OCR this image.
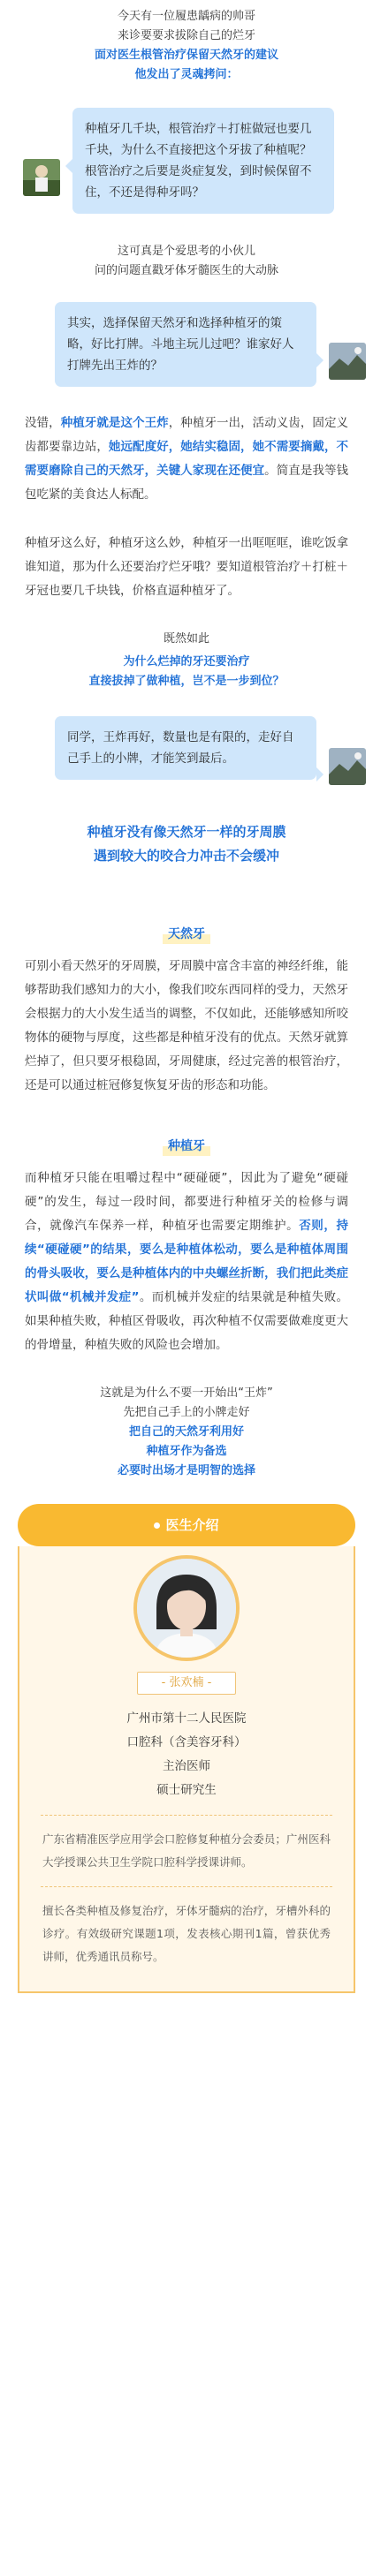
今天有一位履患龋病的帅哥
来诊要要求拔除自己的烂牙
面对医生根管治疗保留天然牙的建议
他发出了灵魂拷问：
种植牙几千块，根管治疗＋打桩做冠也要几千块，为什么不直接把这个牙拔了种植呢？根管治疗之后要是炎症复发，到时候保留不住，不还是得种牙吗？
这可真是个爱思考的小伙儿
问的问题直戳牙体牙髓医生的大动脉
其实，选择保留天然牙和选择种植牙的策略，好比打牌。斗地主玩儿过吧？谁家好人打牌先出王炸的？
没错，种植牙就是这个王炸，种植牙一出，活动义齿，固定义齿都要靠边站，她远配度好，她结实稳固，她不需要摘戴，不需要磨除自己的天然牙，关键人家现在还便宜。简直是我等钱包吃紧的美食达人标配。
种植牙这么好，种植牙这么妙，种植牙一出哐哐哐，谁吃饭拿谁知道，那为什么还要治疗烂牙哦？要知道根管治疗＋打桩＋牙冠也要几千块钱，价格直逼种植牙了。
既然如此
为什么烂掉的牙还要治疗
直接拔掉了做种植，岂不是一步到位？
同学，王炸再好，数量也是有限的，走好自己手上的小牌，才能笑到最后。
种植牙没有像天然牙一样的牙周膜
遇到较大的咬合力冲击不会缓冲
天然牙
可别小看天然牙的牙周膜，牙周膜中富含丰富的神经纤维，能够帮助我们感知力的大小，像我们咬东西同样的受力，天然牙会根据力的大小发生适当的调整，不仅如此，还能够感知所咬物体的硬物与厚度，这些都是种植牙没有的优点。天然牙就算烂掉了，但只要牙根稳固，牙周健康，经过完善的根管治疗，还是可以通过桩冠修复恢复牙齿的形态和功能。
种植牙
而种植牙只能在咀嚼过程中“硬碰硬”，因此为了避免“硬碰硬”的发生，每过一段时间，都要进行种植牙关的检修与调合，就像汽车保养一样，种植牙也需要定期维护。否则，持续“硬碰硬”的结果，要么是种植体松动，要么是种植体周围的骨头吸收，要么是种植体内的中央螺丝折断，我们把此类症状叫做“机械并发症”。而机械并发症的结果就是种植失败。如果种植失败，种植区骨吸收，再次种植不仅需要做难度更大的骨增量，种植失败的风险也会增加。
这就是为什么不要一开始出“王炸”
先把自己手上的小牌走好
把自己的天然牙利用好
种植牙作为备选
必要时出场才是明智的选择
医生介绍
- 张欢楠 -
广州市第十二人民医院
口腔科（含美容牙科）
主治医师
硕士研究生
广东省精准医学应用学会口腔修复种植分会委员；广州医科大学授课公共卫生学院口腔科学授课讲师。
擅长各类种植及修复治疗，牙体牙髓病的治疗，牙槽外科的诊疗。有效级研究课题1项，发表核心期刊1篇，曾获优秀讲师，优秀通讯员称号。
